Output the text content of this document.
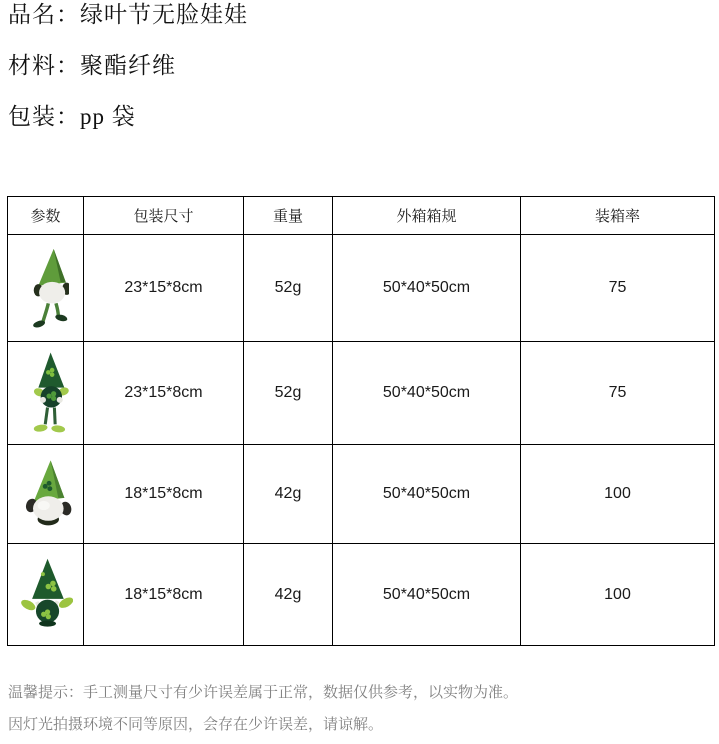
品名：绿叶节无脸娃娃
材料：聚酯纤维
包装：pp 袋
参数	包装尺寸	重量	外箱箱规	装箱率

	23*15*8cm	52g	50*40*50cm	75

	23*15*8cm	52g	50*40*50cm	75

	18*15*8cm	42g	50*40*50cm	100

	18*15*8cm	42g	50*40*50cm	100
温馨提示：手工测量尺寸有少许误差属于正常，数据仅供参考，以实物为准。
因灯光拍摄环境不同等原因，会存在少许误差，请谅解。
